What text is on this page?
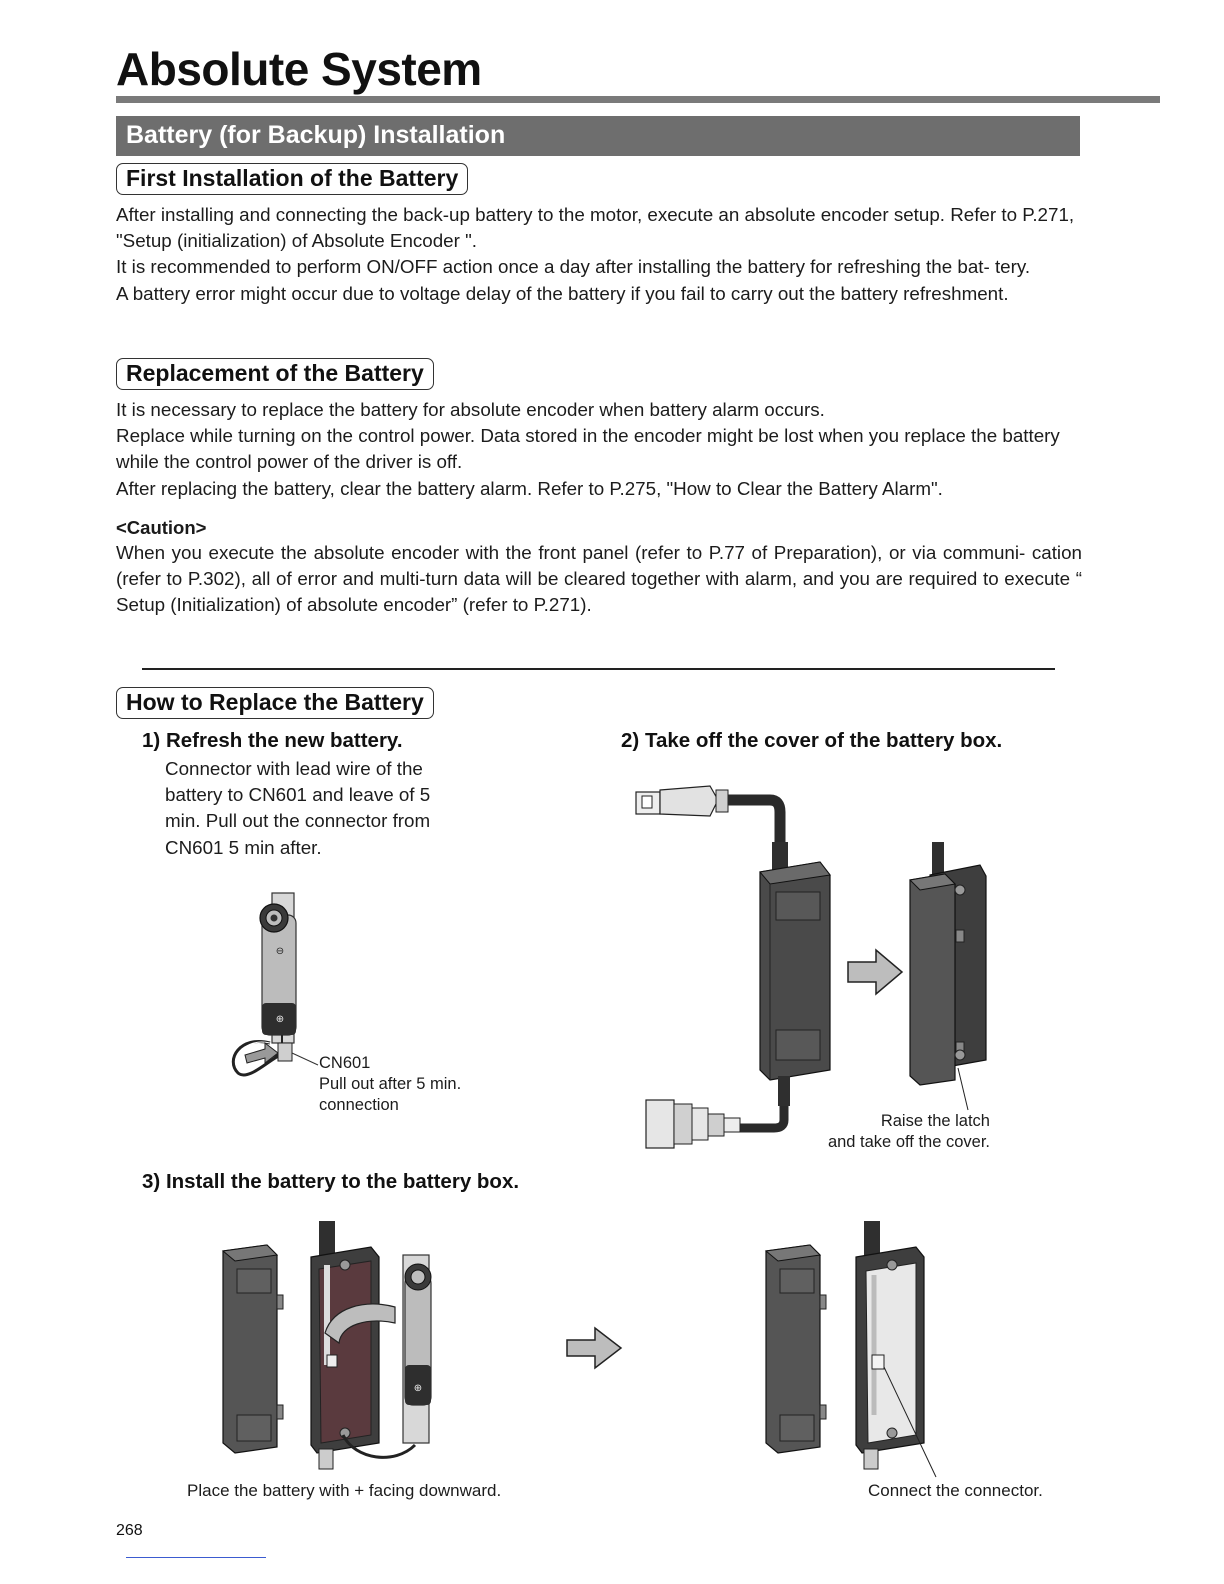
Absolute System
Battery (for Backup) Installation
First Installation of the Battery

After installing and connecting the back-up battery to the motor, execute an absolute encoder setup. Refer to P.271, "Setup (initialization) of Absolute Encoder ".

It is recommended to perform ON/OFF action once a day after installing the battery for refreshing the bat- tery.

A battery error might occur due to voltage delay of the battery if you fail to carry out the battery refreshment.

Replacement of the Battery

It is necessary to replace the battery for absolute encoder when battery alarm occurs.

Replace while turning on the control power. Data stored in the encoder might be lost when you replace the battery while the control power of the driver is off.

After replacing the battery, clear the battery alarm. Refer to P.275, "How to Clear the Battery Alarm".

<Caution>

When you execute the absolute encoder with the front panel (refer to P.77 of Preparation), or via communi- cation (refer to P.302), all of error and multi-turn data will be cleared together with alarm, and you are required to execute “ Setup (Initialization) of absolute encoder” (refer to P.271).

How to Replace the Battery
1) Refresh the new battery.
Connector with lead wire of the
battery to CN601 and leave of 5
min. Pull out the connector from
CN601 5 min after.
⊖
⊕
CN601
Pull out after 5 min.
connection
2) Take off the cover of the battery box.
Raise the latch
and take off the cover.
3) Install the battery to the battery box.
⊕
Place the battery with + facing downward.	Connect the connector.
268
